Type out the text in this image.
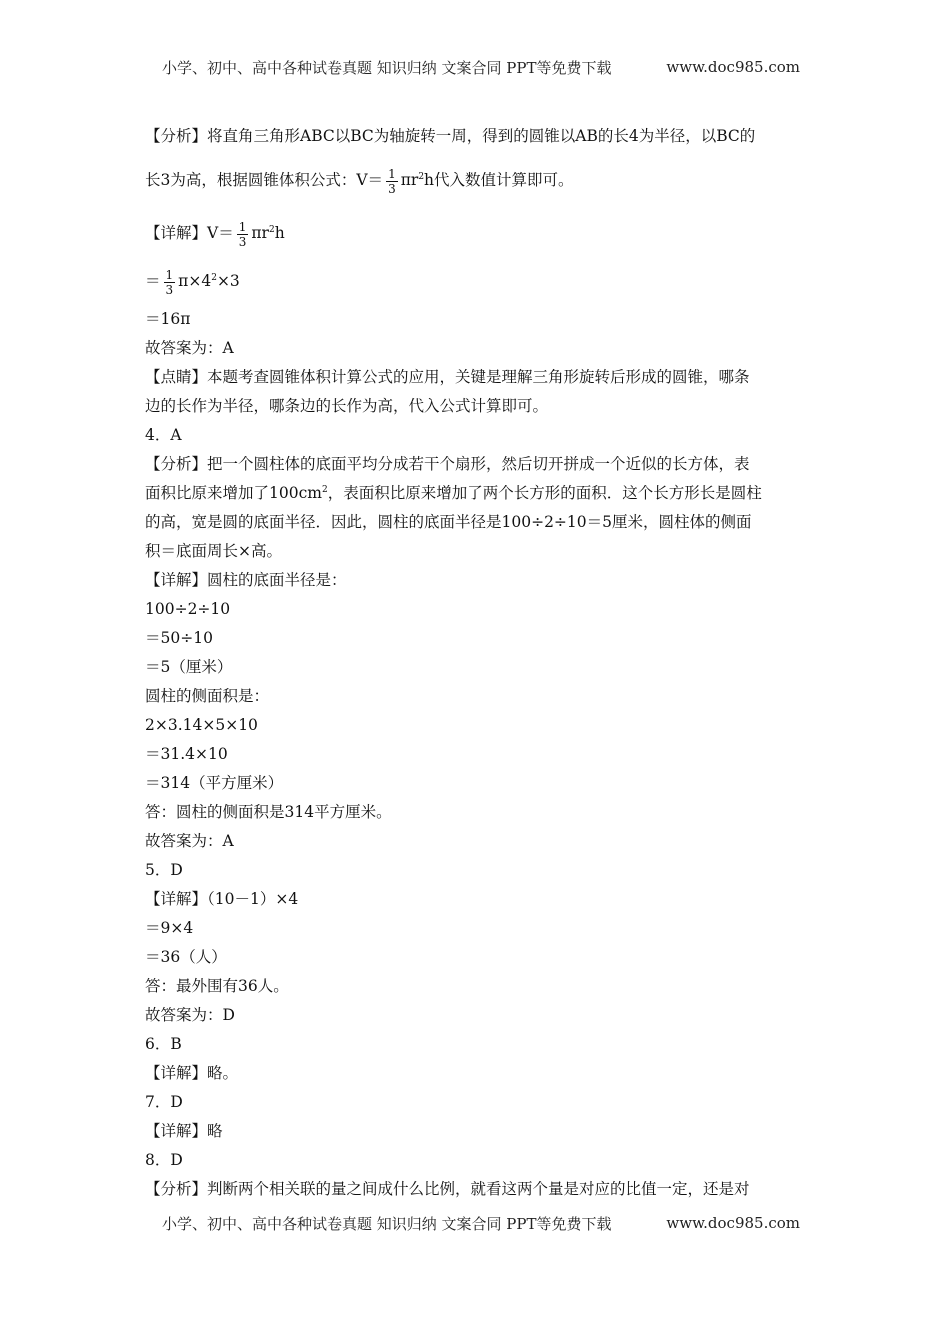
小学、初中、高中各种试卷真题 知识归纳 文案合同 PPT等免费下载	www.doc985.com
【分析】将直角三角形ABC以BC为轴旋转一周，得到的圆锥以AB的长4为半径，以BC的
长3为高，根据圆锥体积公式：$V= \frac{1}{3} \pi r^2h$代入数值计算即可。
【详解】$V= \frac{1}{3} \pi r^2h$
＝ $\frac{1}{3} \pi\times 4^2\times 3$
＝16π
故答案为：A
【点睛】本题考查圆锥体积计算公式的应用，关键是理解三角形旋转后形成的圆锥，哪条
边的长作为半径，哪条边的长作为高，代入公式计算即可。
4．A
【分析】把一个圆柱体的底面平均分成若干个扇形，然后切开拼成一个近似的长方体，表
面积比原来增加了$100cm^2$，表面积比原来增加了两个长方形的面积．这个长方形长是圆柱
的高，宽是圆的底面半径．因此，圆柱的底面半径是100÷2÷10＝5厘米，圆柱体的侧面
积＝底面周长×高。
【详解】圆柱的底面半径是：
100÷2÷10
＝50÷10
＝5（厘米）
圆柱的侧面积是：
2×3.14×5×10
＝31.4×10
＝314（平方厘米）
答：圆柱的侧面积是314平方厘米。
故答案为：A
5．D
【详解】（10－1）×4
＝9×4
＝36（人）
答：最外围有36人。
故答案为：D
6．B
【详解】略。
7．D
【详解】略
8．D
【分析】判断两个相关联的量之间成什么比例，就看这两个量是对应的比值一定，还是对
小学、初中、高中各种试卷真题 知识归纳 文案合同 PPT等免费下载	www.doc985.com
